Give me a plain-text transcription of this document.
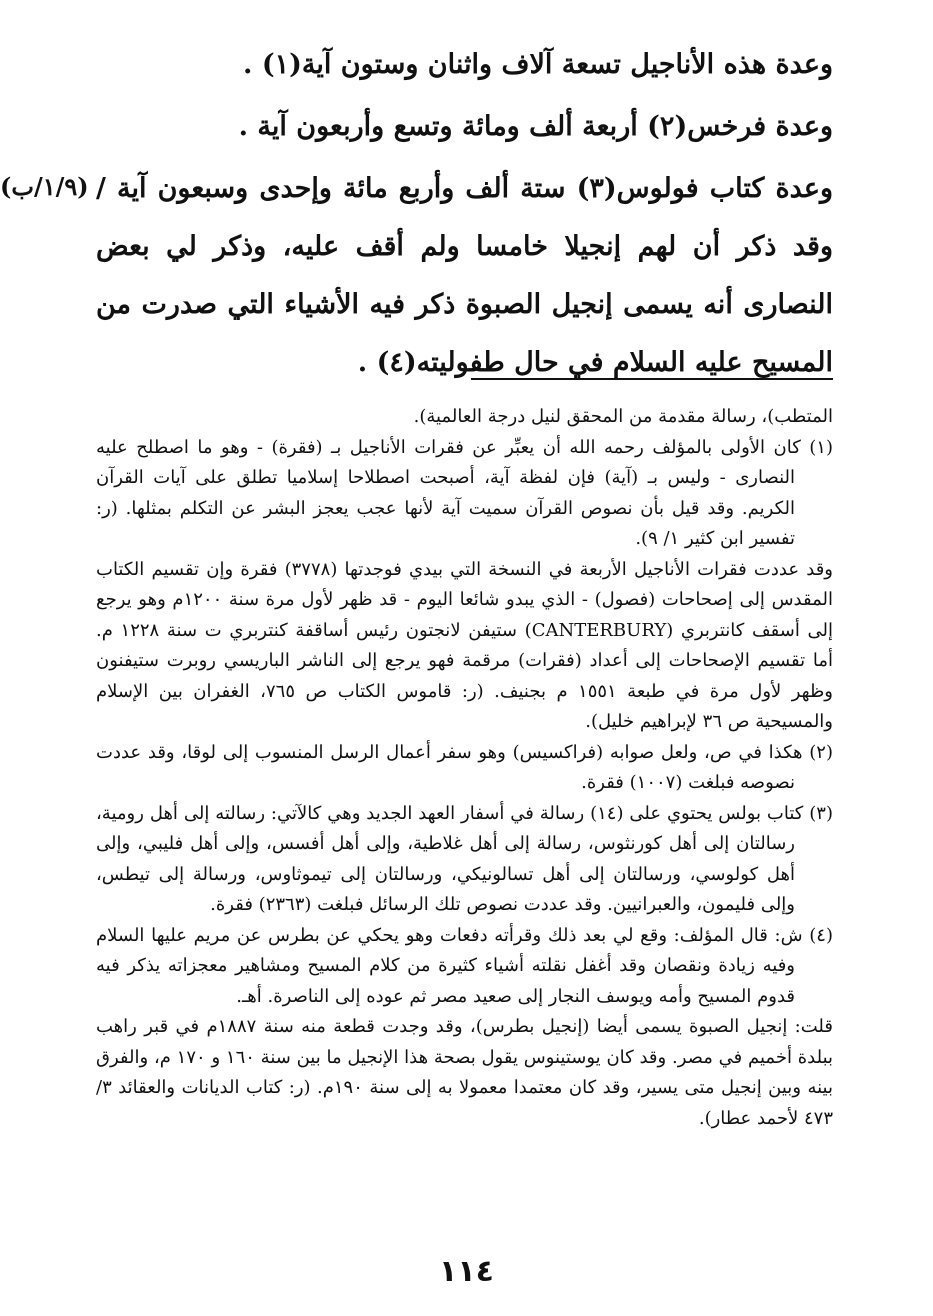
وعدة هذه الأناجيل تسعة آلاف واثنان وستون آية(١) .

وعدة فرخس(٢) أربعة ألف ومائة وتسع وأربعون آية .

وعدة كتاب فولوس(٣) ستة ألف وأربع مائة وإحدى وسبعون آية / وقد ذكر أن لهم إنجيلا خامسا ولم أقف عليه، وذكر لي بعض النصارى أنه يسمى إنجيل الصبوة ذكر فيه الأشياء التي صدرت من المسيح عليه السلام في حال طفوليته(٤) .

(١/٩/ب)

المتطب)، رسالة مقدمة من المحقق لنيل درجة العالمية).

(١) كان الأولى بالمؤلف رحمه الله أن يعبِّر عن فقرات الأناجيل بـ (فقرة) - وهو ما اصطلح عليه النصارى - وليس بـ (آية) فإن لفظة آية، أصبحت اصطلاحا إسلاميا تطلق على آيات القرآن الكريم. وقد قيل بأن نصوص القرآن سميت آية لأنها عجب يعجز البشر عن التكلم بمثلها. (ر: تفسير ابن كثير ١/ ٩).

وقد عددت فقرات الأناجيل الأربعة في النسخة التي بيدي فوجدتها (٣٧٧٨) فقرة وإن تقسيم الكتاب المقدس إلى إصحاحات (فصول) - الذي يبدو شائعا اليوم - قد ظهر لأول مرة سنة ١٢٠٠م وهو يرجع إلى أسقف كانتربري (CANTERBURY) ستيفن لانجتون رئيس أساقفة كنتربري ت سنة ١٢٢٨ م. أما تقسيم الإصحاحات إلى أعداد (فقرات) مرقمة فهو يرجع إلى الناشر الباريسي روبرت ستيفنون وظهر لأول مرة في طبعة ١٥٥١ م بجنيف. (ر: قاموس الكتاب ص ٧٦٥، الغفران بين الإسلام والمسيحية ص ٣٦ لإبراهيم خليل).

(٢) هكذا في ص، ولعل صوابه (فراكسيس) وهو سفر أعمال الرسل المنسوب إلى لوقا، وقد عددت نصوصه فبلغت (١٠٠٧) فقرة.

(٣) كتاب بولس يحتوي على (١٤) رسالة في أسفار العهد الجديد وهي كالآتي: رسالته إلى أهل رومية، رسالتان إلى أهل كورنثوس، رسالة إلى أهل غلاطية، وإلى أهل أفسس، وإلى أهل فليبي، وإلى أهل كولوسي، ورسالتان إلى أهل تسالونيكي، ورسالتان إلى تيموثاوس، ورسالة إلى تيطس، وإلى فليمون، والعبرانيين. وقد عددت نصوص تلك الرسائل فبلغت (٢٣٦٣) فقرة.

(٤) ش: قال المؤلف: وقع لي بعد ذلك وقرأته دفعات وهو يحكي عن بطرس عن مريم عليها السلام وفيه زيادة ونقصان وقد أغفل نقلته أشياء كثيرة من كلام المسيح ومشاهير معجزاته يذكر فيه قدوم المسيح وأمه ويوسف النجار إلى صعيد مصر ثم عوده إلى الناصرة. أهـ.

قلت: إنجيل الصبوة يسمى أيضا (إنجيل بطرس)، وقد وجدت قطعة منه سنة ١٨٨٧م في قبر راهب ببلدة أخميم في مصر. وقد كان يوستينوس يقول بصحة هذا الإنجيل ما بين سنة ١٦٠ و ١٧٠ م، والفرق بينه وبين إنجيل متى يسير، وقد كان معتمدا معمولا به إلى سنة ١٩٠م. (ر: كتاب الديانات والعقائد ٣/ ٤٧٣ لأحمد عطار).

١١٤
